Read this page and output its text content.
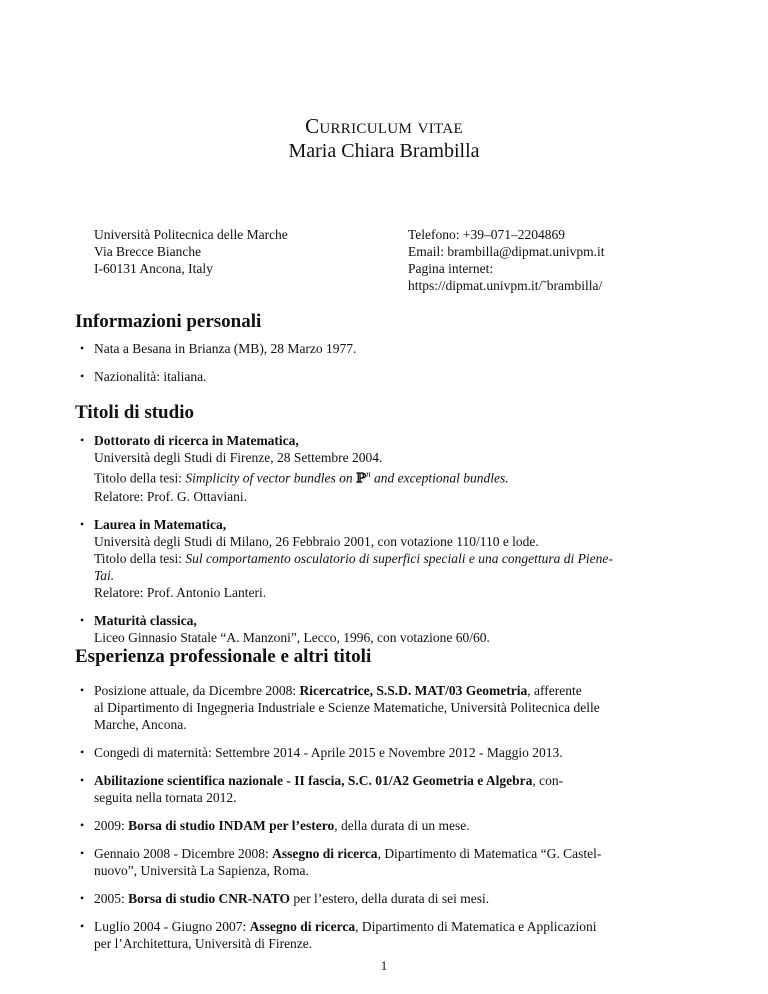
Curriculum vitae
Maria Chiara Brambilla
Università Politecnica delle Marche
Via Brecce Bianche
I-60131 Ancona, Italy
Telefono: +39–071–2204869
Email: brambilla@dipmat.univpm.it
Pagina internet:
https://dipmat.univpm.it/˜brambilla/
Informazioni personali
• Nata a Besana in Brianza (MB), 28 Marzo 1977.
• Nazionalità: italiana.
Titoli di studio
• Dottorato di ricerca in Matematica,
Università degli Studi di Firenze, 28 Settembre 2004.
Titolo della tesi: Simplicity of vector bundles on ℙ$^n$ and exceptional bundles.
Relatore: Prof. G. Ottaviani.
• Laurea in Matematica,
Università degli Studi di Milano, 26 Febbraio 2001, con votazione 110/110 e lode.
Titolo della tesi: Sul comportamento osculatorio di superfici speciali e una congettura di Piene-
Tai.
Relatore: Prof. Antonio Lanteri.
• Maturità classica,
Liceo Ginnasio Statale “A. Manzoni”, Lecco, 1996, con votazione 60/60.
Esperienza professionale e altri titoli
• Posizione attuale, da Dicembre 2008: Ricercatrice, S.S.D. MAT/03 Geometria, afferente
al Dipartimento di Ingegneria Industriale e Scienze Matematiche, Università Politecnica delle
Marche, Ancona.
• Congedi di maternità: Settembre 2014 - Aprile 2015 e Novembre 2012 - Maggio 2013.
• Abilitazione scientifica nazionale - II fascia, S.C. 01/A2 Geometria e Algebra, con-
seguita nella tornata 2012.
• 2009: Borsa di studio INDAM per l’estero, della durata di un mese.
• Gennaio 2008 - Dicembre 2008: Assegno di ricerca, Dipartimento di Matematica “G. Castel-
nuovo”, Università La Sapienza, Roma.
• 2005: Borsa di studio CNR-NATO per l’estero, della durata di sei mesi.
• Luglio 2004 - Giugno 2007: Assegno di ricerca, Dipartimento di Matematica e Applicazioni
per l’Architettura, Università di Firenze.
1
